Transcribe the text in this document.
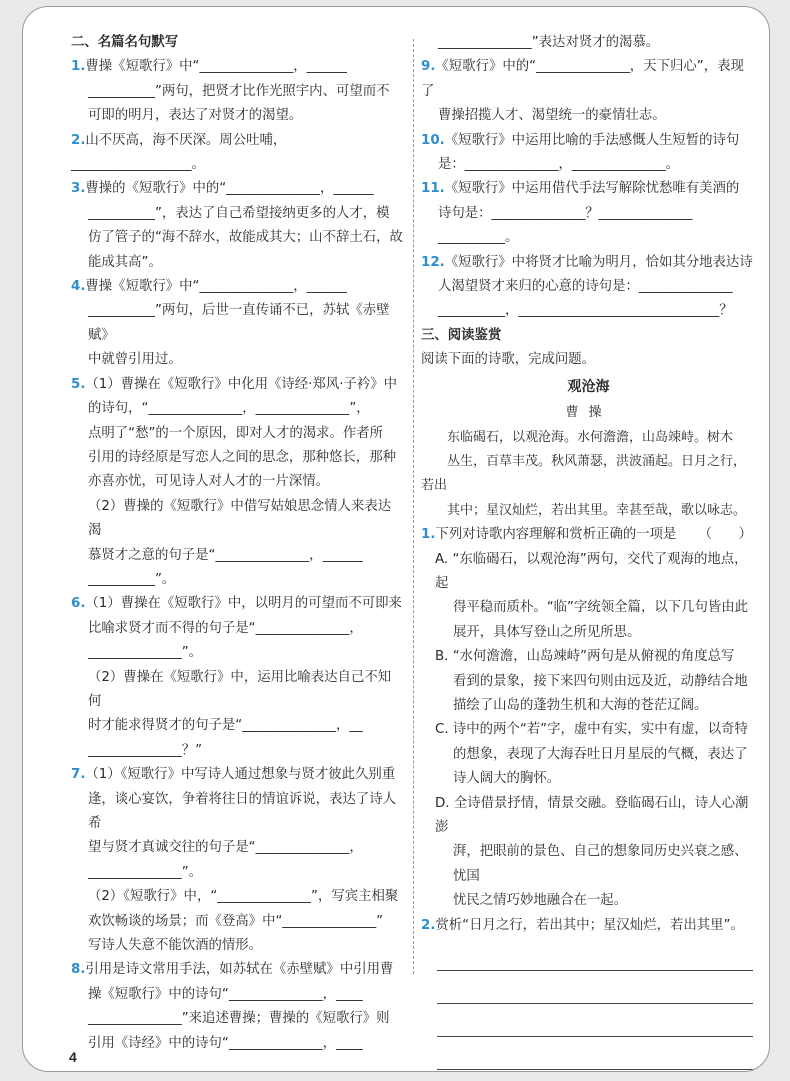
二、名篇名句默写

1.曹操《短歌行》中“______________，______

__________”两句，把贤才比作光照宇内、可望而不

可即的明月，表达了对贤才的渴望。

2.山不厌高，海不厌深。周公吐哺，__________________。

3.曹操的《短歌行》中的“______________，______

__________”，表达了自己希望接纳更多的人才，模

仿了管子的“海不辞水，故能成其大；山不辞土石，故

能成其高”。

4.曹操《短歌行》中“______________，______

__________”两句，后世一直传诵不已，苏轼《赤壁赋》

中就曾引用过。

5.（1）曹操在《短歌行》中化用《诗经·郑风·子衿》中

的诗句，“______________，______________”，

点明了“愁”的一个原因，即对人才的渴求。作者所

引用的诗经原是写恋人之间的思念，那种悠长，那种

亦喜亦忧，可见诗人对人才的一片深情。

（2）曹操的《短歌行》中借写姑娘思念情人来表达渴

慕贤才之意的句子是“______________，______

__________”。

6.（1）曹操在《短歌行》中，以明月的可望而不可即来

比喻求贤才而不得的句子是“______________，

______________”。

（2）曹操在《短歌行》中，运用比喻表达自己不知何

时才能求得贤才的句子是“______________，__

______________？”

7.（1）《短歌行》中写诗人通过想象与贤才彼此久别重

逢，谈心宴饮，争着将往日的情谊诉说，表达了诗人希

望与贤才真诚交往的句子是“______________，

______________”。

（2）《短歌行》中，“______________”，写宾主相聚

欢饮畅谈的场景；而《登高》中“______________”

写诗人失意不能饮酒的情形。

8.引用是诗文常用手法，如苏轼在《赤壁赋》中引用曹

操《短歌行》中的诗句“______________，____

______________”来追述曹操；曹操的《短歌行》则

引用《诗经》中的诗句“______________，____

______________”表达对贤才的渴慕。

9.《短歌行》中的“______________，天下归心”，表现了

曹操招揽人才、渴望统一的豪情壮志。

10.《短歌行》中运用比喻的手法感慨人生短暂的诗句

是：______________，______________。

11.《短歌行》中运用借代手法写解除忧愁唯有美酒的

诗句是：______________？______________

__________。

12.《短歌行》中将贤才比喻为明月，恰如其分地表达诗

人渴望贤才来归的心意的诗句是：______________

__________，______________________________？

三、阅读鉴赏

阅读下面的诗歌，完成问题。

观沧海

曹操

东临碣石，以观沧海。水何澹澹，山岛竦峙。树木

丛生，百草丰茂。秋风萧瑟，洪波涌起。日月之行，若出

其中；星汉灿烂，若出其里。幸甚至哉，歌以咏志。

1.下列对诗歌内容理解和赏析正确的一项是 （　　）

A. “东临碣石，以观沧海”两句，交代了观海的地点，起

得平稳而质朴。“临”字统领全篇，以下几句皆由此

展开，具体写登山之所见所思。

B. “水何澹澹，山岛竦峙”两句是从俯视的角度总写

看到的景象，接下来四句则由远及近，动静结合地

描绘了山岛的蓬勃生机和大海的苍茫辽阔。

C. 诗中的两个“若”字，虚中有实，实中有虚，以奇特

的想象，表现了大海吞吐日月星辰的气概，表达了

诗人阔大的胸怀。

D. 全诗借景抒情，情景交融。登临碣石山，诗人心潮澎

湃，把眼前的景色、自己的想象同历史兴衰之感、忧国

忧民之情巧妙地融合在一起。

2.赏析“日月之行，若出其中；星汉灿烂，若出其里”。

4
